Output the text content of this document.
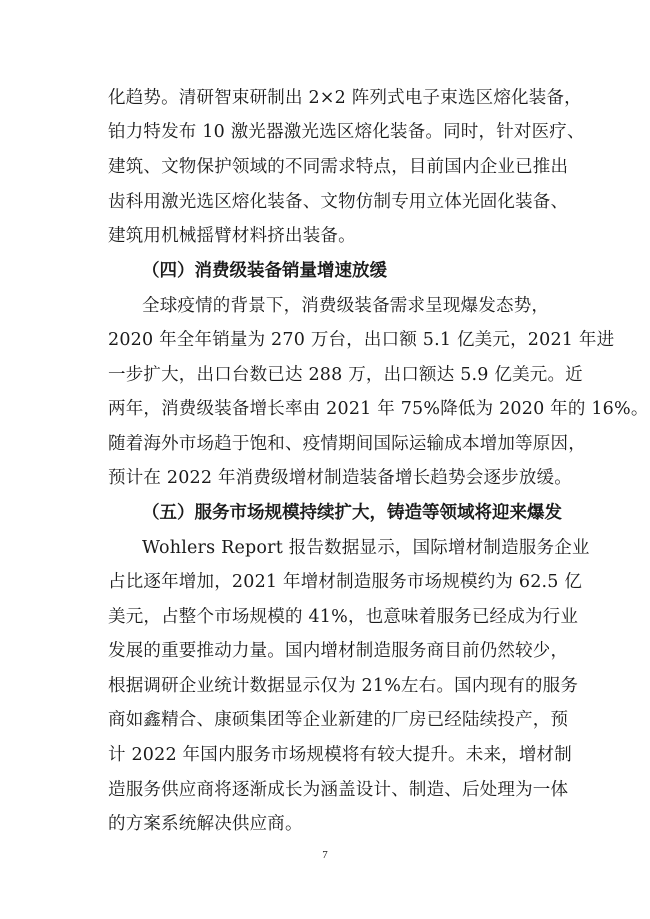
化趋势。清研智束研制出 2×2 阵列式电子束选区熔化装备，
铂力特发布 10 激光器激光选区熔化装备。同时，针对医疗、
建筑、文物保护领域的不同需求特点，目前国内企业已推出
齿科用激光选区熔化装备、文物仿制专用立体光固化装备、
建筑用机械摇臂材料挤出装备。
（四）消费级装备销量增速放缓
全球疫情的背景下，消费级装备需求呈现爆发态势，
2020 年全年销量为 270 万台，出口额 5.1 亿美元，2021 年进
一步扩大，出口台数已达 288 万，出口额达 5.9 亿美元。近
两年，消费级装备增长率由 2021 年 75%降低为 2020 年的 16%。
随着海外市场趋于饱和、疫情期间国际运输成本增加等原因，
预计在 2022 年消费级增材制造装备增长趋势会逐步放缓。
（五）服务市场规模持续扩大，铸造等领域将迎来爆发
Wohlers Report 报告数据显示，国际增材制造服务企业
占比逐年增加，2021 年增材制造服务市场规模约为 62.5 亿
美元，占整个市场规模的 41%，也意味着服务已经成为行业
发展的重要推动力量。国内增材制造服务商目前仍然较少，
根据调研企业统计数据显示仅为 21%左右。国内现有的服务
商如鑫精合、康硕集团等企业新建的厂房已经陆续投产，预
计 2022 年国内服务市场规模将有较大提升。未来，增材制
造服务供应商将逐渐成长为涵盖设计、制造、后处理为一体
的方案系统解决供应商。
7
